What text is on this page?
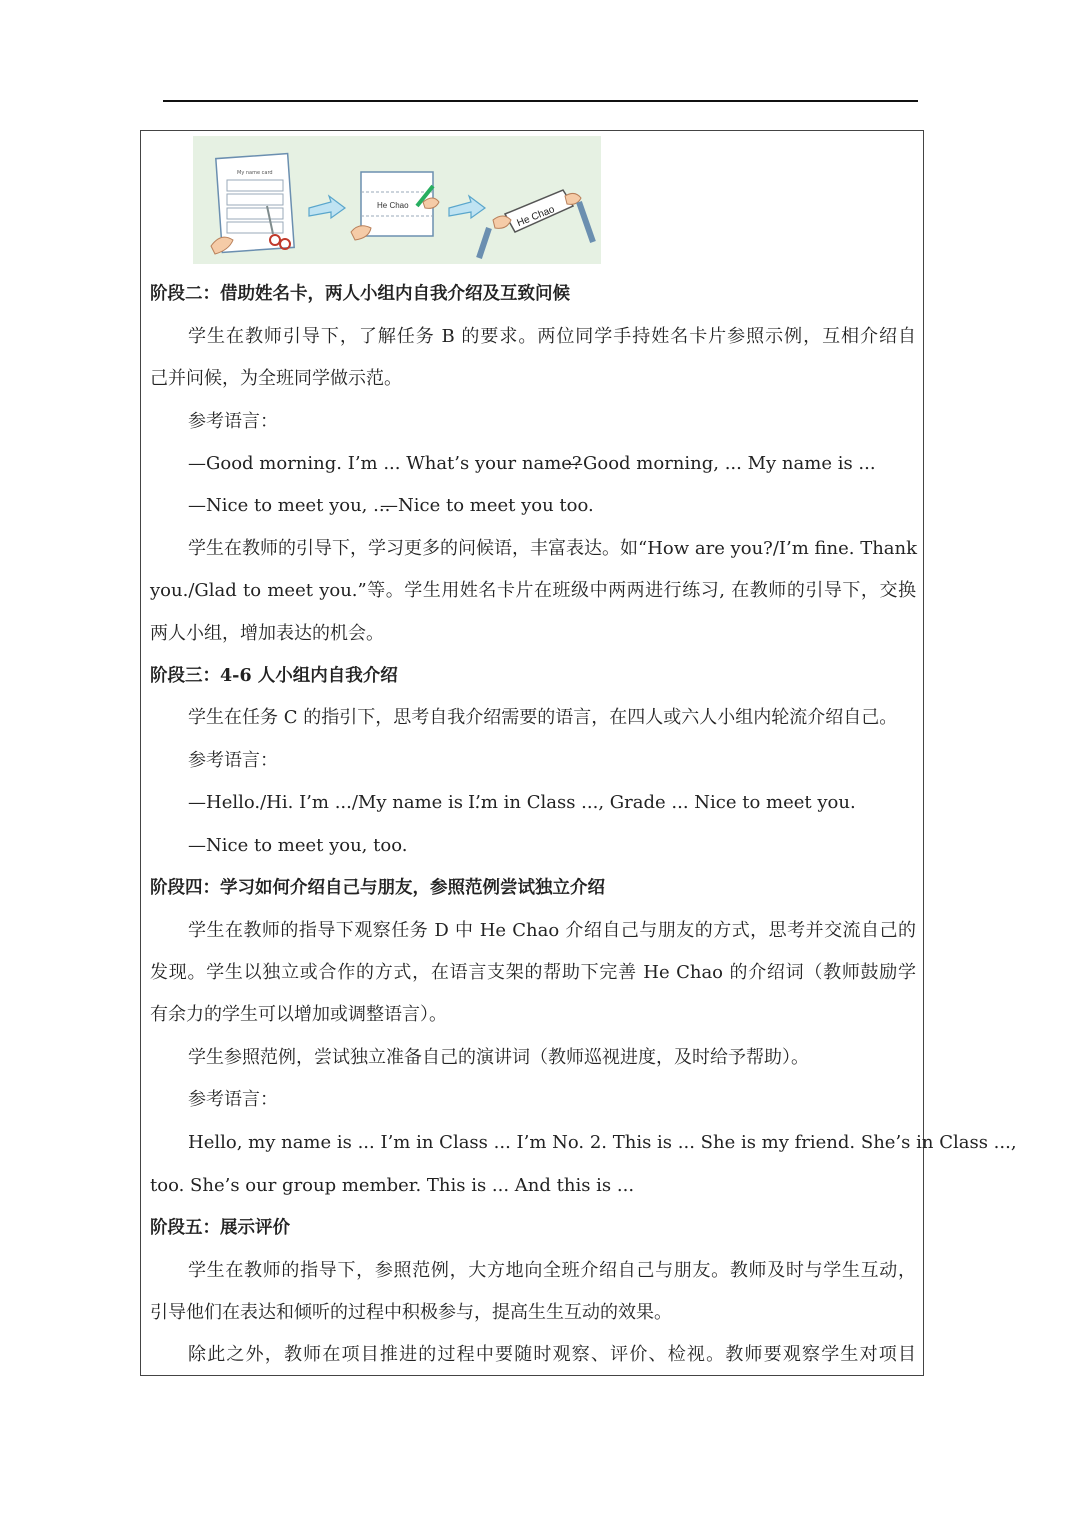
My name card
He Chao	He Chao
阶段二：借助姓名卡，两人小组内自我介绍及互致问候
学生在教师引导下，了解任务 B 的要求。两位同学手持姓名卡片参照示例，互相介绍自
己并问候，为全班同学做示范。
参考语言：
—Good morning. I’m ... What’s your name?
—Good morning, ... My name is ...
—Nice to meet you, ...
—Nice to meet you too.
学生在教师的引导下，学习更多的问候语，丰富表达。如“How are you?/I’m fine. Thank
you./Glad to meet you.”等。学生用姓名卡片在班级中两两进行练习, 在教师的引导下，交换
两人小组，增加表达的机会。
阶段三：4-6 人小组内自我介绍
学生在任务 C 的指引下，思考自我介绍需要的语言，在四人或六人小组内轮流介绍自己。
参考语言：
—Hello./Hi. I’m .../My name is ...
I’m in Class ..., Grade ... Nice to meet you.
—Nice to meet you, too.
阶段四：学习如何介绍自己与朋友，参照范例尝试独立介绍
学生在教师的指导下观察任务 D 中 He Chao 介绍自己与朋友的方式，思考并交流自己的
发现。学生以独立或合作的方式，在语言支架的帮助下完善 He Chao 的介绍词（教师鼓励学
有余力的学生可以增加或调整语言）。
学生参照范例，尝试独立准备自己的演讲词（教师巡视进度，及时给予帮助）。
参考语言：
Hello, my name is ... I’m in Class ... I’m No. 2. This is ... She is my friend. She’s in Class ...,
too. She’s our group member. This is ... And this is ...
阶段五：展示评价
学生在教师的指导下，参照范例，大方地向全班介绍自己与朋友。教师及时与学生互动，
引导他们在表达和倾听的过程中积极参与，提高生生互动的效果。
除此之外，教师在项目推进的过程中要随时观察、评价、检视。教师要观察学生对项目
